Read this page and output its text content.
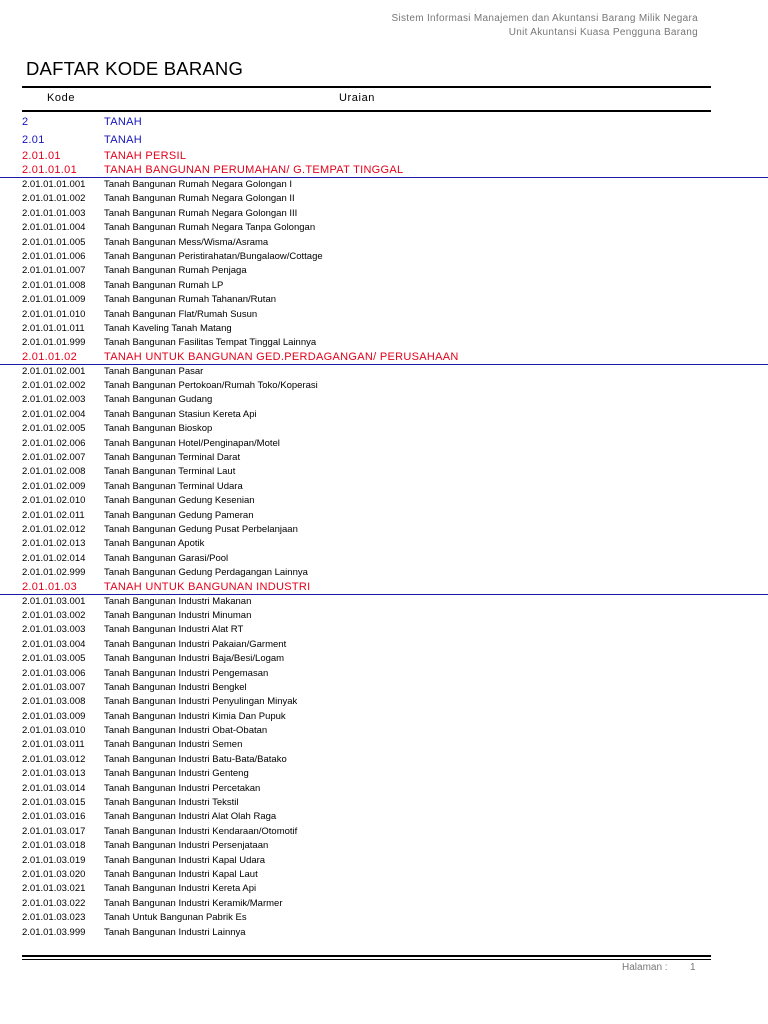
Sistem Informasi Manajemen dan Akuntansi Barang Milik Negara
Unit Akuntansi Kuasa Pengguna Barang
DAFTAR KODE BARANG
Kode	Uraian
2	TANAH
2.01	TANAH
2.01.01	TANAH PERSIL
2.01.01.01 TANAH BANGUNAN PERUMAHAN/ G.TEMPAT TINGGAL
2.01.01.01.001 Tanah Bangunan Rumah Negara Golongan I
2.01.01.01.002 Tanah Bangunan Rumah Negara Golongan II
2.01.01.01.003 Tanah Bangunan Rumah Negara Golongan III
2.01.01.01.004 Tanah Bangunan Rumah Negara Tanpa Golongan
2.01.01.01.005 Tanah Bangunan Mess/Wisma/Asrama
2.01.01.01.006 Tanah Bangunan Peristirahatan/Bungalaow/Cottage
2.01.01.01.007 Tanah Bangunan Rumah Penjaga
2.01.01.01.008 Tanah Bangunan Rumah LP
2.01.01.01.009 Tanah Bangunan Rumah Tahanan/Rutan
2.01.01.01.010 Tanah Bangunan Flat/Rumah Susun
2.01.01.01.011 Tanah Kaveling Tanah Matang
2.01.01.01.999 Tanah Bangunan Fasilitas Tempat Tinggal Lainnya
2.01.01.02 TANAH UNTUK BANGUNAN GED.PERDAGANGAN/ PERUSAHAAN
2.01.01.02.001 Tanah Bangunan Pasar
2.01.01.02.002 Tanah Bangunan Pertokoan/Rumah Toko/Koperasi
2.01.01.02.003 Tanah Bangunan Gudang
2.01.01.02.004 Tanah Bangunan Stasiun Kereta Api
2.01.01.02.005 Tanah Bangunan Bioskop
2.01.01.02.006 Tanah Bangunan Hotel/Penginapan/Motel
2.01.01.02.007 Tanah Bangunan Terminal Darat
2.01.01.02.008 Tanah Bangunan Terminal Laut
2.01.01.02.009 Tanah Bangunan Terminal Udara
2.01.01.02.010 Tanah Bangunan Gedung Kesenian
2.01.01.02.011 Tanah Bangunan Gedung Pameran
2.01.01.02.012 Tanah Bangunan Gedung Pusat Perbelanjaan
2.01.01.02.013 Tanah Bangunan Apotik
2.01.01.02.014 Tanah Bangunan Garasi/Pool
2.01.01.02.999 Tanah Bangunan Gedung Perdagangan Lainnya
2.01.01.03 TANAH UNTUK BANGUNAN INDUSTRI
2.01.01.03.001 Tanah Bangunan Industri Makanan
2.01.01.03.002 Tanah Bangunan Industri Minuman
2.01.01.03.003 Tanah Bangunan Industri Alat RT
2.01.01.03.004 Tanah Bangunan Industri Pakaian/Garment
2.01.01.03.005 Tanah Bangunan Industri Baja/Besi/Logam
2.01.01.03.006 Tanah Bangunan Industri Pengemasan
2.01.01.03.007 Tanah Bangunan Industri Bengkel
2.01.01.03.008 Tanah Bangunan Industri Penyulingan Minyak
2.01.01.03.009 Tanah Bangunan Industri Kimia Dan Pupuk
2.01.01.03.010 Tanah Bangunan Industri Obat-Obatan
2.01.01.03.011 Tanah Bangunan Industri Semen
2.01.01.03.012 Tanah Bangunan Industri Batu-Bata/Batako
2.01.01.03.013 Tanah Bangunan Industri Genteng
2.01.01.03.014 Tanah Bangunan Industri Percetakan
2.01.01.03.015 Tanah Bangunan Industri Tekstil
2.01.01.03.016 Tanah Bangunan Industri Alat Olah Raga
2.01.01.03.017 Tanah Bangunan Industri Kendaraan/Otomotif
2.01.01.03.018 Tanah Bangunan Industri Persenjataan
2.01.01.03.019 Tanah Bangunan Industri Kapal Udara
2.01.01.03.020 Tanah Bangunan Industri Kapal Laut
2.01.01.03.021 Tanah Bangunan Industri Kereta Api
2.01.01.03.022 Tanah Bangunan Industri Keramik/Marmer
2.01.01.03.023 Tanah Untuk Bangunan Pabrik Es
2.01.01.03.999 Tanah Bangunan Industri Lainnya
Halaman : 1
